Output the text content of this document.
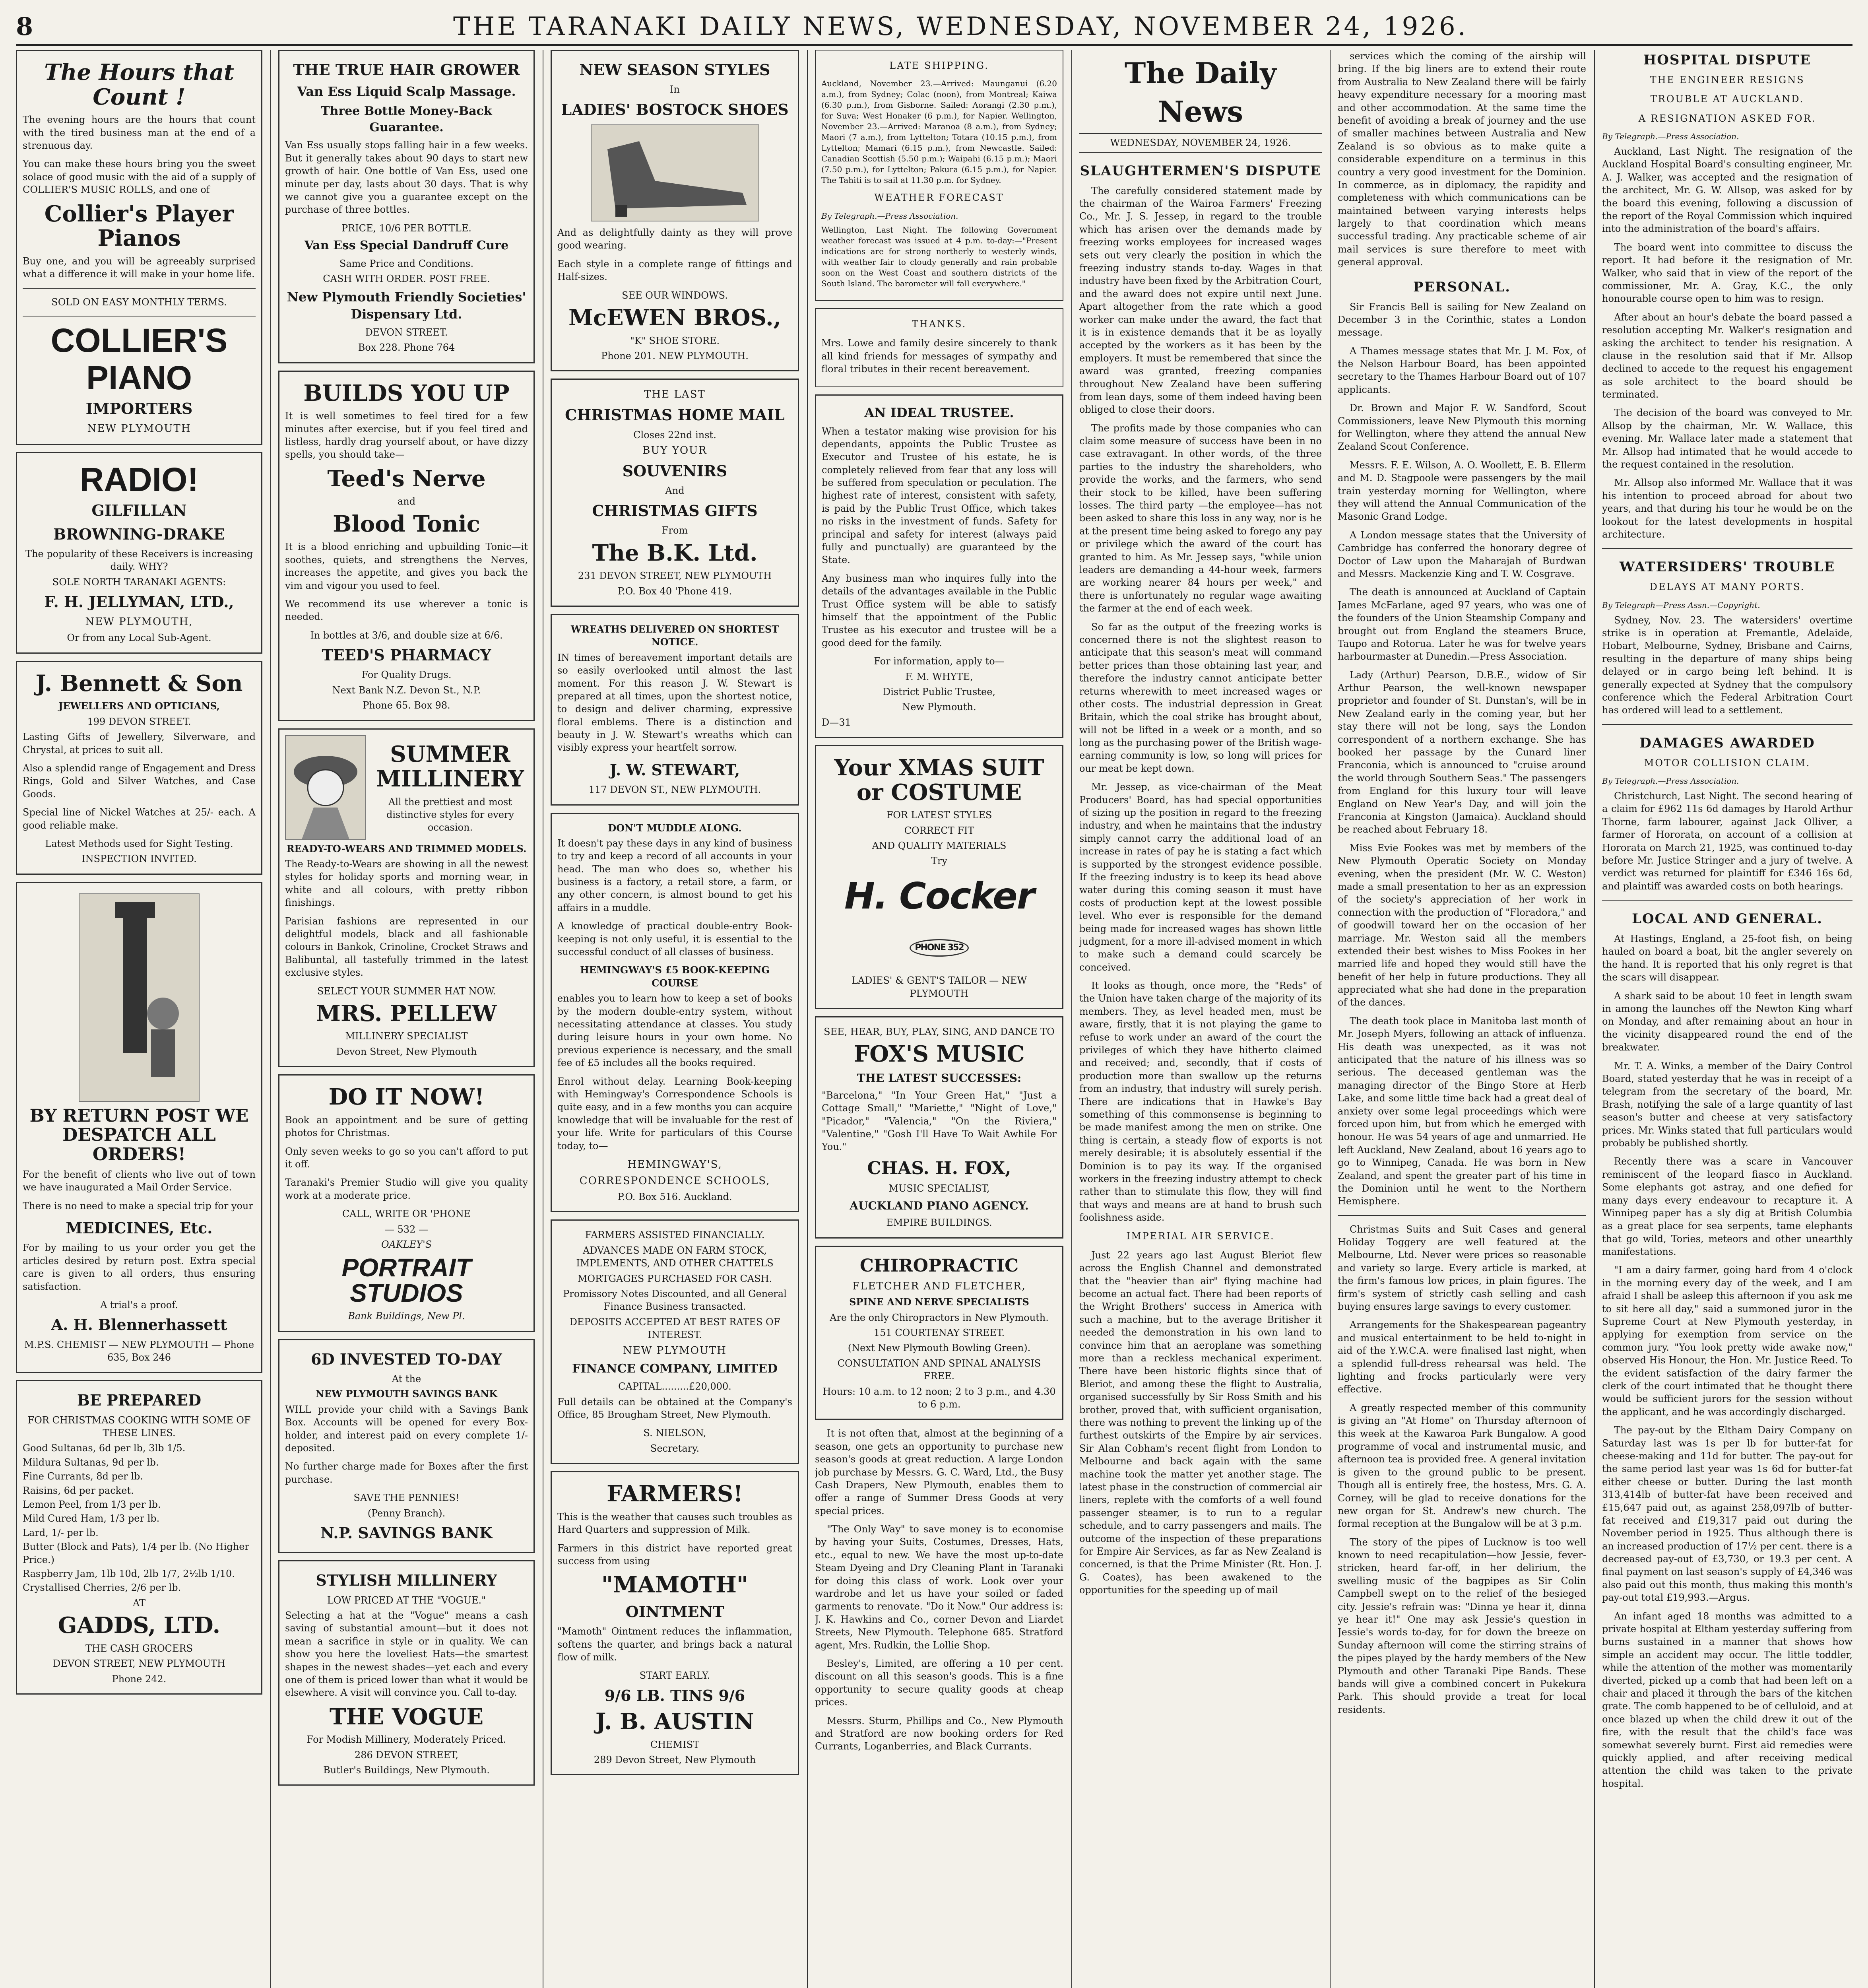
8	THE TARANAKI DAILY NEWS, WEDNESDAY, NOVEMBER 24, 1926.
The Hours that Count !

The evening hours are the hours that count with the tired business man at the end of a strenuous day.

You can make these hours bring you the sweet solace of good music with the aid of a supply of COLLIER'S MUSIC ROLLS, and one of

Collier's Player Pianos

Buy one, and you will be agreeably surprised what a difference it will make in your home life.

SOLD ON EASY MONTHLY TERMS.
COLLIER'S
PIANO
IMPORTERS
NEW PLYMOUTH
RADIO!
GILFILLAN
BROWNING-DRAKE
The popularity of these Receivers is increasing daily. WHY?
SOLE NORTH TARANAKI AGENTS:
F. H. JELLYMAN, LTD.,
NEW PLYMOUTH,
Or from any Local Sub-Agent.
J. Bennett & Son
JEWELLERS AND OPTICIANS,
199 DEVON STREET.

Lasting Gifts of Jewellery, Silverware, and Chrystal, at prices to suit all.

Also a splendid range of Engagement and Dress Rings, Gold and Silver Watches, and Case Goods.

Special line of Nickel Watches at 25/- each. A good reliable make.

Latest Methods used for Sight Testing.
INSPECTION INVITED.
BY RETURN POST WE DESPATCH ALL ORDERS!

For the benefit of clients who live out of town we have inaugurated a Mail Order Service.

There is no need to make a special trip for your

MEDICINES, Etc.

For by mailing to us your order you get the articles desired by return post. Extra special care is given to all orders, thus ensuring satisfaction.

A trial's a proof.
A. H. Blennerhassett
M.P.S. CHEMIST — NEW PLYMOUTH — Phone 635, Box 246
BE PREPARED
FOR CHRISTMAS COOKING WITH SOME OF THESE LINES.
Good Sultanas, 6d per lb, 3lb 1/5.
Mildura Sultanas, 9d per lb.
Fine Currants, 8d per lb.
Raisins, 6d per packet.
Lemon Peel, from 1/3 per lb.
Mild Cured Ham, 1/3 per lb.
Lard, 1/- per lb.
Butter (Block and Pats), 1/4 per lb. (No Higher Price.)
Raspberry Jam, 1lb 10d, 2lb 1/7, 2½lb 1/10.
Crystallised Cherries, 2/6 per lb.
AT
GADDS, LTD.
THE CASH GROCERS
DEVON STREET, NEW PLYMOUTH
Phone 242.
THE TRUE HAIR GROWER
Van Ess Liquid Scalp Massage.
Three Bottle Money-Back Guarantee.

Van Ess usually stops falling hair in a few weeks. But it generally takes about 90 days to start new growth of hair. One bottle of Van Ess, used one minute per day, lasts about 30 days. That is why we cannot give you a guarantee except on the purchase of three bottles.

PRICE, 10/6 PER BOTTLE.
Van Ess Special Dandruff Cure
Same Price and Conditions.
CASH WITH ORDER. POST FREE.
New Plymouth Friendly Societies' Dispensary Ltd.
DEVON STREET.
Box 228. Phone 764
BUILDS YOU UP

It is well sometimes to feel tired for a few minutes after exercise, but if you feel tired and listless, hardly drag yourself about, or have dizzy spells, you should take—

Teed's Nerve
and
Blood Tonic

It is a blood enriching and upbuilding Tonic—it soothes, quiets, and strengthens the Nerves, increases the appetite, and gives you back the vim and vigour you used to feel.

We recommend its use wherever a tonic is needed.

In bottles at 3/6, and double size at 6/6.
TEED'S PHARMACY
For Quality Drugs.
Next Bank N.Z. Devon St., N.P.
Phone 65. Box 98.
SUMMER MILLINERY
All the prettiest and most distinctive styles for every occasion.
READY-TO-WEARS AND TRIMMED MODELS.

The Ready-to-Wears are showing in all the newest styles for holiday sports and morning wear, in white and all colours, with pretty ribbon finishings.

Parisian fashions are represented in our delightful models, black and all fashionable colours in Bankok, Crinoline, Crocket Straws and Balibuntal, all tastefully trimmed in the latest exclusive styles.

SELECT YOUR SUMMER HAT NOW.
MRS. PELLEW
MILLINERY SPECIALIST
Devon Street, New Plymouth
DO IT NOW!

Book an appointment and be sure of getting photos for Christmas.

Only seven weeks to go so you can't afford to put it off.

Taranaki's Premier Studio will give you quality work at a moderate price.

CALL, WRITE OR 'PHONE
— 532 —
OAKLEY'S
PORTRAIT STUDIOS
Bank Buildings, New Pl.
6D INVESTED TO-DAY
At the
NEW PLYMOUTH SAVINGS BANK

WILL provide your child with a Savings Bank Box. Accounts will be opened for every Box-holder, and interest paid on every complete 1/- deposited.

No further charge made for Boxes after the first purchase.

SAVE THE PENNIES!
(Penny Branch).
N.P. SAVINGS BANK
STYLISH MILLINERY
LOW PRICED AT THE "VOGUE."

Selecting a hat at the "Vogue" means a cash saving of substantial amount—but it does not mean a sacrifice in style or in quality. We can show you here the loveliest Hats—the smartest shapes in the newest shades—yet each and every one of them is priced lower than what it would be elsewhere. A visit will convince you. Call to-day.

THE VOGUE
For Modish Millinery, Moderately Priced.
286 DEVON STREET,
Butler's Buildings, New Plymouth.
NEW SEASON STYLES
In
LADIES' BOSTOCK SHOES

And as delightfully dainty as they will prove good wearing.

Each style in a complete range of fittings and Half-sizes.

SEE OUR WINDOWS.
McEWEN BROS.,
"K" SHOE STORE.
Phone 201. NEW PLYMOUTH.
THE LAST
CHRISTMAS HOME MAIL
Closes 22nd inst.
BUY YOUR
SOUVENIRS
And
CHRISTMAS GIFTS
From
The B.K. Ltd.
231 DEVON STREET, NEW PLYMOUTH
P.O. Box 40 'Phone 419.
WREATHS DELIVERED ON SHORTEST NOTICE.

IN times of bereavement important details are so easily overlooked until almost the last moment. For this reason J. W. Stewart is prepared at all times, upon the shortest notice, to design and deliver charming, expressive floral emblems. There is a distinction and beauty in J. W. Stewart's wreaths which can visibly express your heartfelt sorrow.

J. W. STEWART,
117 DEVON ST., NEW PLYMOUTH.
DON'T MUDDLE ALONG.

It doesn't pay these days in any kind of business to try and keep a record of all accounts in your head. The man who does so, whether his business is a factory, a retail store, a farm, or any other concern, is almost bound to get his affairs in a muddle.

A knowledge of practical double-entry Book-keeping is not only useful, it is essential to the successful conduct of all classes of business.

HEMINGWAY'S £5 BOOK-KEEPING COURSE

enables you to learn how to keep a set of books by the modern double-entry system, without necessitating attendance at classes. You study during leisure hours in your own home. No previous experience is necessary, and the small fee of £5 includes all the books required.

Enrol without delay. Learning Book-keeping with Hemingway's Correspondence Schools is quite easy, and in a few months you can acquire knowledge that will be invaluable for the rest of your life. Write for particulars of this Course today, to—

HEMINGWAY'S,
CORRESPONDENCE SCHOOLS,
P.O. Box 516. Auckland.
FARMERS ASSISTED FINANCIALLY.
ADVANCES MADE ON FARM STOCK, IMPLEMENTS, AND OTHER CHATTELS
MORTGAGES PURCHASED FOR CASH.
Promissory Notes Discounted, and all General Finance Business transacted.
DEPOSITS ACCEPTED AT BEST RATES OF INTEREST.
NEW PLYMOUTH
FINANCE COMPANY, LIMITED
CAPITAL.........£20,000.

Full details can be obtained at the Company's Office, 85 Brougham Street, New Plymouth.

S. NIELSON,
Secretary.
FARMERS!

This is the weather that causes such troubles as Hard Quarters and suppression of Milk.

Farmers in this district have reported great success from using

"MAMOTH"
OINTMENT

"Mamoth" Ointment reduces the inflammation, softens the quarter, and brings back a natural flow of milk.

START EARLY.
9/6 LB. TINS 9/6
J. B. AUSTIN
CHEMIST
289 Devon Street, New Plymouth
LATE SHIPPING.

Auckland, November 23.—Arrived: Maunganui (6.20 a.m.), from Sydney; Colac (noon), from Montreal; Kaiwa (6.30 p.m.), from Gisborne. Sailed: Aorangi (2.30 p.m.), for Suva; West Honaker (6 p.m.), for Napier. Wellington, November 23.—Arrived: Maranoa (8 a.m.), from Sydney; Maori (7 a.m.), from Lyttelton; Totara (10.15 p.m.), from Lyttelton; Mamari (6.15 p.m.), from Newcastle. Sailed: Canadian Scottish (5.50 p.m.); Waipahi (6.15 p.m.); Maori (7.50 p.m.), for Lyttelton; Pakura (6.15 p.m.), for Napier. The Tahiti is to sail at 11.30 p.m. for Sydney.

WEATHER FORECAST
By Telegraph.—Press Association.

Wellington, Last Night. The following Government weather forecast was issued at 4 p.m. to-day:—"Present indications are for strong northerly to westerly winds, with weather fair to cloudy generally and rain probable soon on the West Coast and southern districts of the South Island. The barometer will fall everywhere."

THANKS.

Mrs. Lowe and family desire sincerely to thank all kind friends for messages of sympathy and floral tributes in their recent bereavement.

AN IDEAL TRUSTEE.

When a testator making wise provision for his dependants, appoints the Public Trustee as Executor and Trustee of his estate, he is completely relieved from fear that any loss will be suffered from speculation or peculation. The highest rate of interest, consistent with safety, is paid by the Public Trust Office, which takes no risks in the investment of funds. Safety for principal and safety for interest (always paid fully and punctually) are guaranteed by the State.

Any business man who inquires fully into the details of the advantages available in the Public Trust Office system will be able to satisfy himself that the appointment of the Public Trustee as his executor and trustee will be a good deed for the family.

For information, apply to—
F. M. WHYTE,
District Public Trustee,
New Plymouth.
D—31
Your XMAS SUIT or COSTUME
FOR LATEST STYLES
CORRECT FIT
AND QUALITY MATERIALS
Try
H. Cocker PHONE 352
LADIES' & GENT'S TAILOR — NEW PLYMOUTH
SEE, HEAR, BUY, PLAY, SING, AND DANCE TO
FOX'S MUSIC
THE LATEST SUCCESSES:

"Barcelona," "In Your Green Hat," "Just a Cottage Small," "Mariette," "Night of Love," "Picador," "Valencia," "On the Riviera," "Valentine," "Gosh I'll Have To Wait Awhile For You."

CHAS. H. FOX,
MUSIC SPECIALIST,
AUCKLAND PIANO AGENCY.
EMPIRE BUILDINGS.
CHIROPRACTIC
FLETCHER AND FLETCHER,
SPINE AND NERVE SPECIALISTS
Are the only Chiropractors in New Plymouth.
151 COURTENAY STREET.
(Next New Plymouth Bowling Green).
CONSULTATION AND SPINAL ANALYSIS FREE.
Hours: 10 a.m. to 12 noon; 2 to 3 p.m., and 4.30 to 6 p.m.

It is not often that, almost at the beginning of a season, one gets an opportunity to purchase new season's goods at great reduction. A large London job purchase by Messrs. G. C. Ward, Ltd., the Busy Cash Drapers, New Plymouth, enables them to offer a range of Summer Dress Goods at very special prices.

"The Only Way" to save money is to economise by having your Suits, Costumes, Dresses, Hats, etc., equal to new. We have the most up-to-date Steam Dyeing and Dry Cleaning Plant in Taranaki for doing this class of work. Look over your wardrobe and let us have your soiled or faded garments to renovate. "Do it Now." Our address is: J. K. Hawkins and Co., corner Devon and Liardet Streets, New Plymouth. Telephone 685. Stratford agent, Mrs. Rudkin, the Lollie Shop.

Besley's, Limited, are offering a 10 per cent. discount on all this season's goods. This is a fine opportunity to secure quality goods at cheap prices.

Messrs. Sturm, Phillips and Co., New Plymouth and Stratford are now booking orders for Red Currants, Loganberries, and Black Currants.

The Daily News
WEDNESDAY, NOVEMBER 24, 1926.
SLAUGHTERMEN'S DISPUTE

The carefully considered statement made by the chairman of the Wairoa Farmers' Freezing Co., Mr. J. S. Jessep, in regard to the trouble which has arisen over the demands made by freezing works employees for increased wages sets out very clearly the position in which the freezing industry stands to-day. Wages in that industry have been fixed by the Arbitration Court, and the award does not expire until next June. Apart altogether from the rate which a good worker can make under the award, the fact that it is in existence demands that it be as loyally accepted by the workers as it has been by the employers. It must be remembered that since the award was granted, freezing companies throughout New Zealand have been suffering from lean days, some of them indeed having been obliged to close their doors.

The profits made by those companies who can claim some measure of success have been in no case extravagant. In other words, of the three parties to the industry the shareholders, who provide the works, and the farmers, who send their stock to be killed, have been suffering losses. The third party —the employee—has not been asked to share this loss in any way, nor is he at the present time being asked to forego any pay or privilege which the award of the court has granted to him. As Mr. Jessep says, "while union leaders are demanding a 44-hour week, farmers are working nearer 84 hours per week," and there is unfortunately no regular wage awaiting the farmer at the end of each week.

So far as the output of the freezing works is concerned there is not the slightest reason to anticipate that this season's meat will command better prices than those obtaining last year, and therefore the industry cannot anticipate better returns wherewith to meet increased wages or other costs. The industrial depression in Great Britain, which the coal strike has brought about, will not be lifted in a week or a month, and so long as the purchasing power of the British wage-earning community is low, so long will prices for our meat be kept down.

Mr. Jessep, as vice-chairman of the Meat Producers' Board, has had special opportunities of sizing up the position in regard to the freezing industry, and when he maintains that the industry simply cannot carry the additional load of an increase in rates of pay he is stating a fact which is supported by the strongest evidence possible. If the freezing industry is to keep its head above water during this coming season it must have costs of production kept at the lowest possible level. Who ever is responsible for the demand being made for increased wages has shown little judgment, for a more ill-advised moment in which to make such a demand could scarcely be conceived.

It looks as though, once more, the "Reds" of the Union have taken charge of the majority of its members. They, as level headed men, must be aware, firstly, that it is not playing the game to refuse to work under an award of the court the privileges of which they have hitherto claimed and received; and, secondly, that if costs of production more than swallow up the returns from an industry, that industry will surely perish. There are indications that in Hawke's Bay something of this commonsense is beginning to be made manifest among the men on strike. One thing is certain, a steady flow of exports is not merely desirable; it is absolutely essential if the Dominion is to pay its way. If the organised workers in the freezing industry attempt to check rather than to stimulate this flow, they will find that ways and means are at hand to brush such foolishness aside.

IMPERIAL AIR SERVICE.

Just 22 years ago last August Bleriot flew across the English Channel and demonstrated that the "heavier than air" flying machine had become an actual fact. There had been reports of the Wright Brothers' success in America with such a machine, but to the average Britisher it needed the demonstration in his own land to convince him that an aeroplane was something more than a reckless mechanical experiment. There have been historic flights since that of Bleriot, and among these the flight to Australia, organised successfully by Sir Ross Smith and his brother, proved that, with sufficient organisation, there was nothing to prevent the linking up of the furthest outskirts of the Empire by air services. Sir Alan Cobham's recent flight from London to Melbourne and back again with the same machine took the matter yet another stage. The latest phase in the construction of commercial air liners, replete with the comforts of a well found passenger steamer, is to run to a regular schedule, and to carry passengers and mails. The outcome of the inspection of these preparations for Empire Air Services, as far as New Zealand is concerned, is that the Prime Minister (Rt. Hon. J. G. Coates), has been awakened to the opportunities for the speeding up of mail

services which the coming of the airship will bring. If the big liners are to extend their route from Australia to New Zealand there will be fairly heavy expenditure necessary for a mooring mast and other accommodation. At the same time the benefit of avoiding a break of journey and the use of smaller machines between Australia and New Zealand is so obvious as to make quite a considerable expenditure on a terminus in this country a very good investment for the Dominion. In commerce, as in diplomacy, the rapidity and completeness with which communications can be maintained between varying interests helps largely to that coordination which means successful trading. Any practicable scheme of air mail services is sure therefore to meet with general approval.

PERSONAL.

Sir Francis Bell is sailing for New Zealand on December 3 in the Corinthic, states a London message.

A Thames message states that Mr. J. M. Fox, of the Nelson Harbour Board, has been appointed secretary to the Thames Harbour Board out of 107 applicants.

Dr. Brown and Major F. W. Sandford, Scout Commissioners, leave New Plymouth this morning for Wellington, where they attend the annual New Zealand Scout Conference.

Messrs. F. E. Wilson, A. O. Woollett, E. B. Ellerm and M. D. Stagpoole were passengers by the mail train yesterday morning for Wellington, where they will attend the Annual Communication of the Masonic Grand Lodge.

A London message states that the University of Cambridge has conferred the honorary degree of Doctor of Law upon the Maharajah of Burdwan and Messrs. Mackenzie King and T. W. Cosgrave.

The death is announced at Auckland of Captain James McFarlane, aged 97 years, who was one of the founders of the Union Steamship Company and brought out from England the steamers Bruce, Taupo and Rotorua. Later he was for twelve years harbourmaster at Dunedin.—Press Association.

Lady (Arthur) Pearson, D.B.E., widow of Sir Arthur Pearson, the well-known newspaper proprietor and founder of St. Dunstan's, will be in New Zealand early in the coming year, but her stay there will not be long, says the London correspondent of a northern exchange. She has booked her passage by the Cunard liner Franconia, which is announced to "cruise around the world through Southern Seas." The passengers from England for this luxury tour will leave England on New Year's Day, and will join the Franconia at Kingston (Jamaica). Auckland should be reached about February 18.

Miss Evie Fookes was met by members of the New Plymouth Operatic Society on Monday evening, when the president (Mr. W. C. Weston) made a small presentation to her as an expression of the society's appreciation of her work in connection with the production of "Floradora," and of goodwill toward her on the occasion of her marriage. Mr. Weston said all the members extended their best wishes to Miss Fookes in her married life and hoped they would still have the benefit of her help in future productions. They all appreciated what she had done in the preparation of the dances.

The death took place in Manitoba last month of Mr. Joseph Myers, following an attack of influenza. His death was unexpected, as it was not anticipated that the nature of his illness was so serious. The deceased gentleman was the managing director of the Bingo Store at Herb Lake, and some little time back had a great deal of anxiety over some legal proceedings which were forced upon him, but from which he emerged with honour. He was 54 years of age and unmarried. He left Auckland, New Zealand, about 16 years ago to go to Winnipeg, Canada. He was born in New Zealand, and spent the greater part of his time in the Dominion until he went to the Northern Hemisphere.

Christmas Suits and Suit Cases and general Holiday Toggery are well featured at the Melbourne, Ltd. Never were prices so reasonable and variety so large. Every article is marked, at the firm's famous low prices, in plain figures. The firm's system of strictly cash selling and cash buying ensures large savings to every customer.

Arrangements for the Shakespearean pageantry and musical entertainment to be held to-night in aid of the Y.W.C.A. were finalised last night, when a splendid full-dress rehearsal was held. The lighting and frocks particularly were very effective.

A greatly respected member of this community is giving an "At Home" on Thursday afternoon of this week at the Kawaroa Park Bungalow. A good programme of vocal and instrumental music, and afternoon tea is provided free. A general invitation is given to the ground public to be present. Though all is entirely free, the hostess, Mrs. G. A. Corney, will be glad to receive donations for the new organ for St. Andrew's new church. The formal reception at the Bungalow will be at 3 p.m.

The story of the pipes of Lucknow is too well known to need recapitulation—how Jessie, fever-stricken, heard far-off, in her delirium, the swelling music of the bagpipes as Sir Colin Campbell swept on to the relief of the besieged city. Jessie's refrain was: "Dinna ye hear it, dinna ye hear it!" One may ask Jessie's question in Jessie's words to-day, for for down the breeze on Sunday afternoon will come the stirring strains of the pipes played by the hardy members of the New Plymouth and other Taranaki Pipe Bands. These bands will give a combined concert in Pukekura Park. This should provide a treat for local residents.

HOSPITAL DISPUTE
THE ENGINEER RESIGNS
TROUBLE AT AUCKLAND.
A RESIGNATION ASKED FOR.
By Telegraph.—Press Association.

Auckland, Last Night. The resignation of the Auckland Hospital Board's consulting engineer, Mr. A. J. Walker, was accepted and the resignation of the architect, Mr. G. W. Allsop, was asked for by the board this evening, following a discussion of the report of the Royal Commission which inquired into the administration of the board's affairs.

The board went into committee to discuss the report. It had before it the resignation of Mr. Walker, who said that in view of the report of the commissioner, Mr. A. Gray, K.C., the only honourable course open to him was to resign.

After about an hour's debate the board passed a resolution accepting Mr. Walker's resignation and asking the architect to tender his resignation. A clause in the resolution said that if Mr. Allsop declined to accede to the request his engagement as sole architect to the board should be terminated.

The decision of the board was conveyed to Mr. Allsop by the chairman, Mr. W. Wallace, this evening. Mr. Wallace later made a statement that Mr. Allsop had intimated that he would accede to the request contained in the resolution.

Mr. Allsop also informed Mr. Wallace that it was his intention to proceed abroad for about two years, and that during his tour he would be on the lookout for the latest developments in hospital architecture.

WATERSIDERS' TROUBLE
DELAYS AT MANY PORTS.
By Telegraph—Press Assn.—Copyright.

Sydney, Nov. 23. The watersiders' overtime strike is in operation at Fremantle, Adelaide, Hobart, Melbourne, Sydney, Brisbane and Cairns, resulting in the departure of many ships being delayed or in cargo being left behind. It is generally expected at Sydney that the compulsory conference which the Federal Arbitration Court has ordered will lead to a settlement.

DAMAGES AWARDED
MOTOR COLLISION CLAIM.
By Telegraph.—Press Association.

Christchurch, Last Night. The second hearing of a claim for £962 11s 6d damages by Harold Arthur Thorne, farm labourer, against Jack Olliver, a farmer of Hororata, on account of a collision at Hororata on March 21, 1925, was continued to-day before Mr. Justice Stringer and a jury of twelve. A verdict was returned for plaintiff for £346 16s 6d, and plaintiff was awarded costs on both hearings.

LOCAL AND GENERAL.

At Hastings, England, a 25-foot fish, on being hauled on board a boat, bit the angler severely on the hand. It is reported that his only regret is that the scars will disappear.

A shark said to be about 10 feet in length swam in among the launches off the Newton King wharf on Monday, and after remaining about an hour in the vicinity disappeared round the end of the breakwater.

Mr. T. A. Winks, a member of the Dairy Control Board, stated yesterday that he was in receipt of a telegram from the secretary of the board, Mr. Brash, notifying the sale of a large quantity of last season's butter and cheese at very satisfactory prices. Mr. Winks stated that full particulars would probably be published shortly.

Recently there was a scare in Vancouver reminiscent of the leopard fiasco in Auckland. Some elephants got astray, and one defied for many days every endeavour to recapture it. A Winnipeg paper has a sly dig at British Columbia as a great place for sea serpents, tame elephants that go wild, Tories, meteors and other unearthly manifestations.

"I am a dairy farmer, going hard from 4 o'clock in the morning every day of the week, and I am afraid I shall be asleep this afternoon if you ask me to sit here all day," said a summoned juror in the Supreme Court at New Plymouth yesterday, in applying for exemption from service on the common jury. "You look pretty wide awake now," observed His Honour, the Hon. Mr. Justice Reed. To the evident satisfaction of the dairy farmer the clerk of the court intimated that he thought there would be sufficient jurors for the session without the applicant, and he was accordingly discharged.

The pay-out by the Eltham Dairy Company on Saturday last was 1s per lb for butter-fat for cheese-making and 11d for butter. The pay-out for the same period last year was 1s 6d for butter-fat either cheese or butter. During the last month 313,414lb of butter-fat have been received and £15,647 paid out, as against 258,097lb of butter-fat received and £19,317 paid out during the November period in 1925. Thus although there is an increased production of 17½ per cent. there is a decreased pay-out of £3,730, or 19.3 per cent. A final payment on last season's supply of £4,346 was also paid out this month, thus making this month's pay-out total £19,993.—Argus.

An infant aged 18 months was admitted to a private hospital at Eltham yesterday suffering from burns sustained in a manner that shows how simple an accident may occur. The little toddler, while the attention of the mother was momentarily diverted, picked up a comb that had been left on a chair and placed it through the bars of the kitchen grate. The comb happened to be of celluloid, and at once blazed up when the child drew it out of the fire, with the result that the child's face was somewhat severely burnt. First aid remedies were quickly applied, and after receiving medical attention the child was taken to the private hospital.
